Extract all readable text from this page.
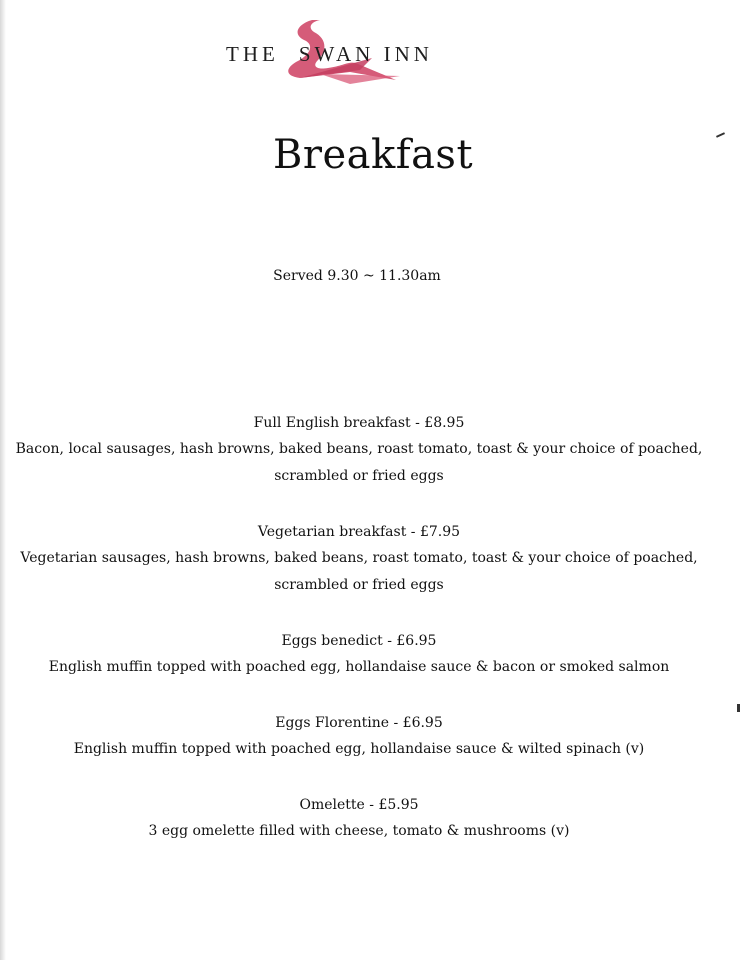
THE SWAN INN
Breakfast
Served 9.30 ~ 11.30am
Full English breakfast - £8.95
Bacon, local sausages, hash browns, baked beans, roast tomato, toast & your choice of poached, scrambled or fried eggs
Vegetarian breakfast - £7.95
Vegetarian sausages, hash browns, baked beans, roast tomato, toast & your choice of poached, scrambled or fried eggs
Eggs benedict - £6.95
English muffin topped with poached egg, hollandaise sauce & bacon or smoked salmon
Eggs Florentine - £6.95
English muffin topped with poached egg, hollandaise sauce & wilted spinach (v)
Omelette - £5.95
3 egg omelette filled with cheese, tomato & mushrooms (v)
